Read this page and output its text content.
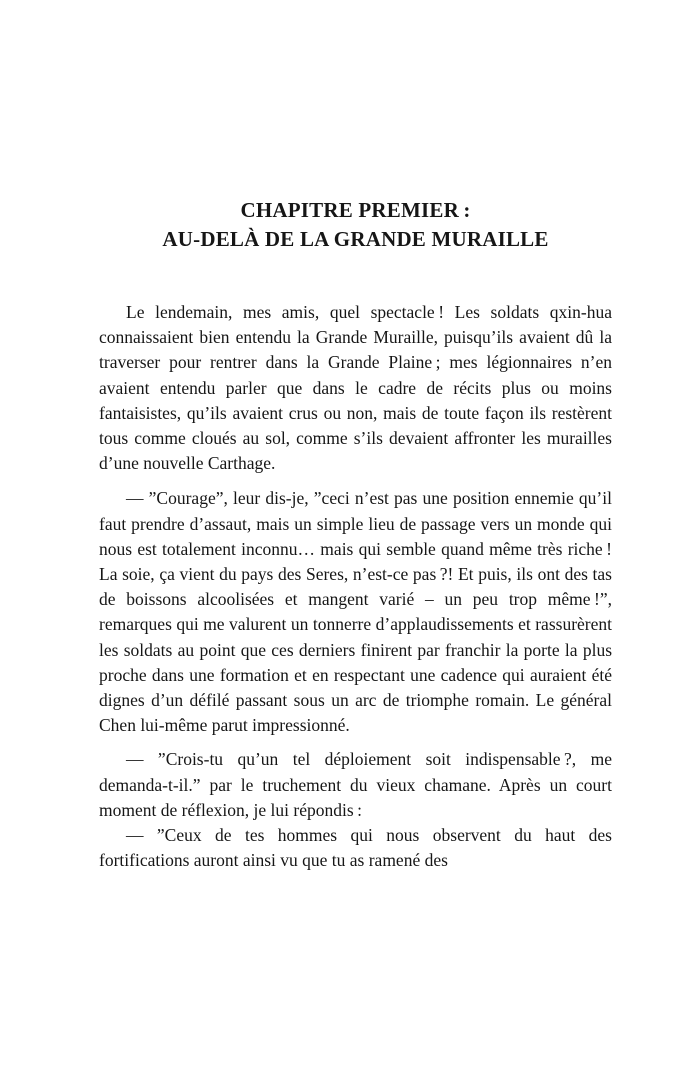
CHAPITRE PREMIER :
AU-DELÀ DE LA GRANDE MURAILLE

Le lendemain, mes amis, quel spectacle ! Les soldats qxin-hua connaissaient bien entendu la Grande Muraille, puisqu’ils avaient dû la traverser pour rentrer dans la Grande Plaine ; mes légionnaires n’en avaient entendu parler que dans le cadre de récits plus ou moins fantaisistes, qu’ils avaient crus ou non, mais de toute façon ils restèrent tous comme cloués au sol, comme s’ils devaient affronter les murailles d’une nouvelle Carthage.

— ”Courage”, leur dis-je, ”ceci n’est pas une position ennemie qu’il faut prendre d’assaut, mais un simple lieu de passage vers un monde qui nous est totalement inconnu… mais qui semble quand même très riche ! La soie, ça vient du pays des Seres, n’est-ce pas ?! Et puis, ils ont des tas de boissons alcoolisées et mangent varié – un peu trop même !”, remarques qui me valurent un tonnerre d’applaudissements et rassurèrent les soldats au point que ces derniers finirent par franchir la porte la plus proche dans une formation et en respectant une cadence qui auraient été dignes d’un défilé passant sous un arc de triomphe romain. Le général Chen lui-même parut impressionné.

— ”Crois-tu qu’un tel déploiement soit indispensable ?, me demanda-t-il.” par le truchement du vieux chamane. Après un court moment de réflexion, je lui répondis :

— ”Ceux de tes hommes qui nous observent du haut des fortifications auront ainsi vu que tu as ramené des
